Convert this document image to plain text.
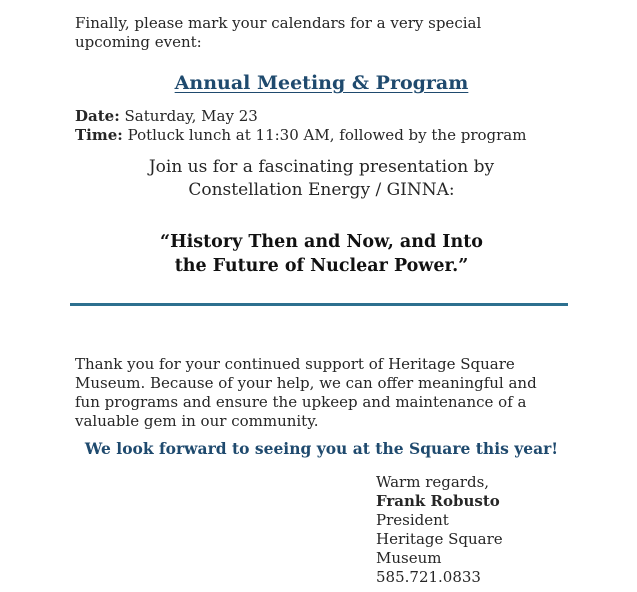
Finally, please mark your calendars for a very special upcoming event:

Annual Meeting & Program
Date: Saturday, May 23
Time: Potluck lunch at 11:30 AM, followed by the program
Join us for a fascinating presentation by
Constellation Energy / GINNA:
“History Then and Now, and Into
the Future of Nuclear Power.”

Thank you for your continued support of Heritage Square Museum. Because of your help, we can offer meaningful and fun programs and ensure the upkeep and maintenance of a valuable gem in our community.

We look forward to seeing you at the Square this year!

Warm regards,
Frank Robusto
President
Heritage Square Museum
585.721.0833
